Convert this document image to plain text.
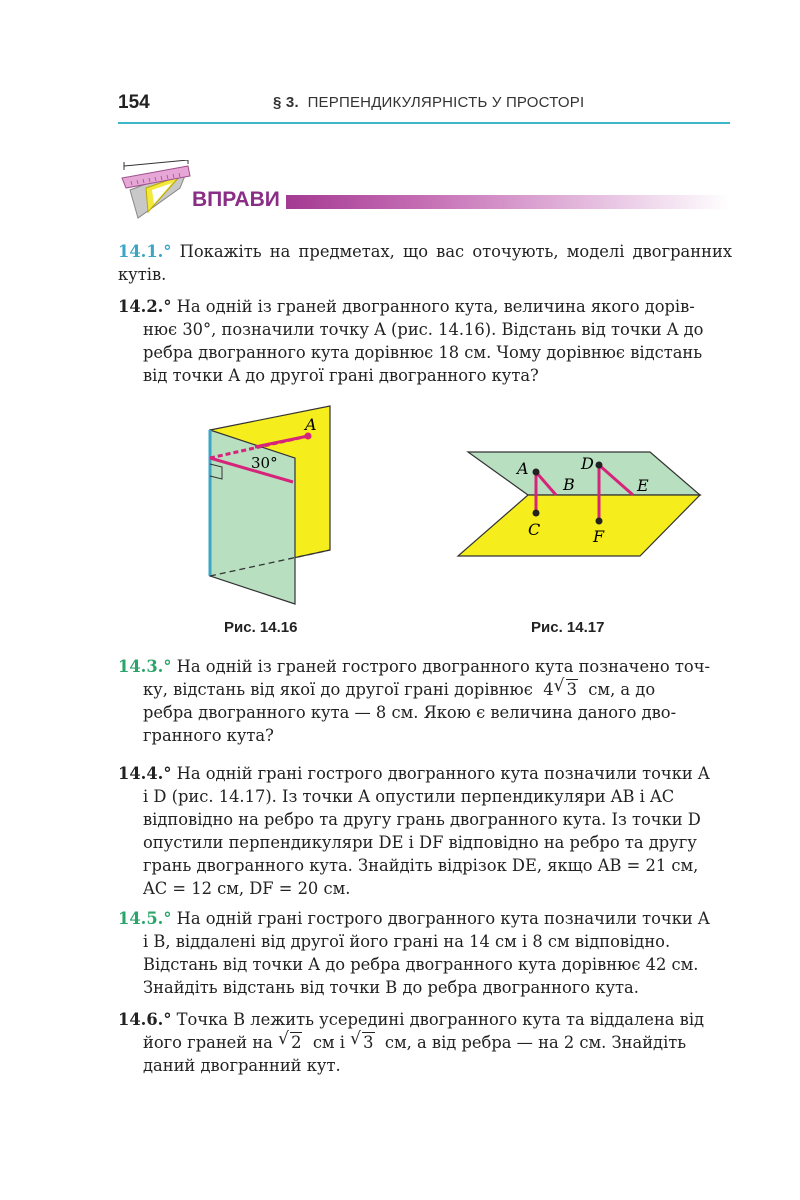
154	§ 3. ПЕРПЕНДИКУЛЯРНІСТЬ У ПРОСТОРІ
ВПРАВИ
14.1.° Покажіть на предметах, що вас оточують, моделі двогранних кутів.
14.2.° На одній із граней двогранного кута, величина якого дорів-
нює 30°, позначили точку A (рис. 14.16). Відстань від точки A до
ребра двогранного кута дорівнює 18 см. Чому дорівнює відстань
від точки A до другої грані двогранного кута?
A
30°
Рис. 14.16
A
B
C
D
E
F
Рис. 14.17
14.3.° На одній із граней гострого двогранного кута позначено точ-
ку, відстань від якої до другої грані дорівнює 4 √ 3 см, а до
ребра двогранного кута — 8 см. Якою є величина даного дво-
гранного кута?
14.4.° На одній грані гострого двогранного кута позначили точки A
і D (рис. 14.17). Із точки A опустили перпендикуляри AB і AC
відповідно на ребро та другу грань двогранного кута. Із точки D
опустили перпендикуляри DE і DF відповідно на ребро та другу
грань двогранного кута. Знайдіть відрізок DE, якщо AB = 21 см,
AC = 12 см, DF = 20 см.
14.5.° На одній грані гострого двогранного кута позначили точки A
і B, віддалені від другої його грані на 14 см і 8 см відповідно.
Відстань від точки A до ребра двогранного кута дорівнює 42 см.
Знайдіть відстань від точки B до ребра двогранного кута.
14.6.° Точка B лежить усередині двогранного кута та віддалена від
його граней на √ 2 см і √ 3 см, а від ребра — на 2 см. Знайдіть
даний двогранний кут.
